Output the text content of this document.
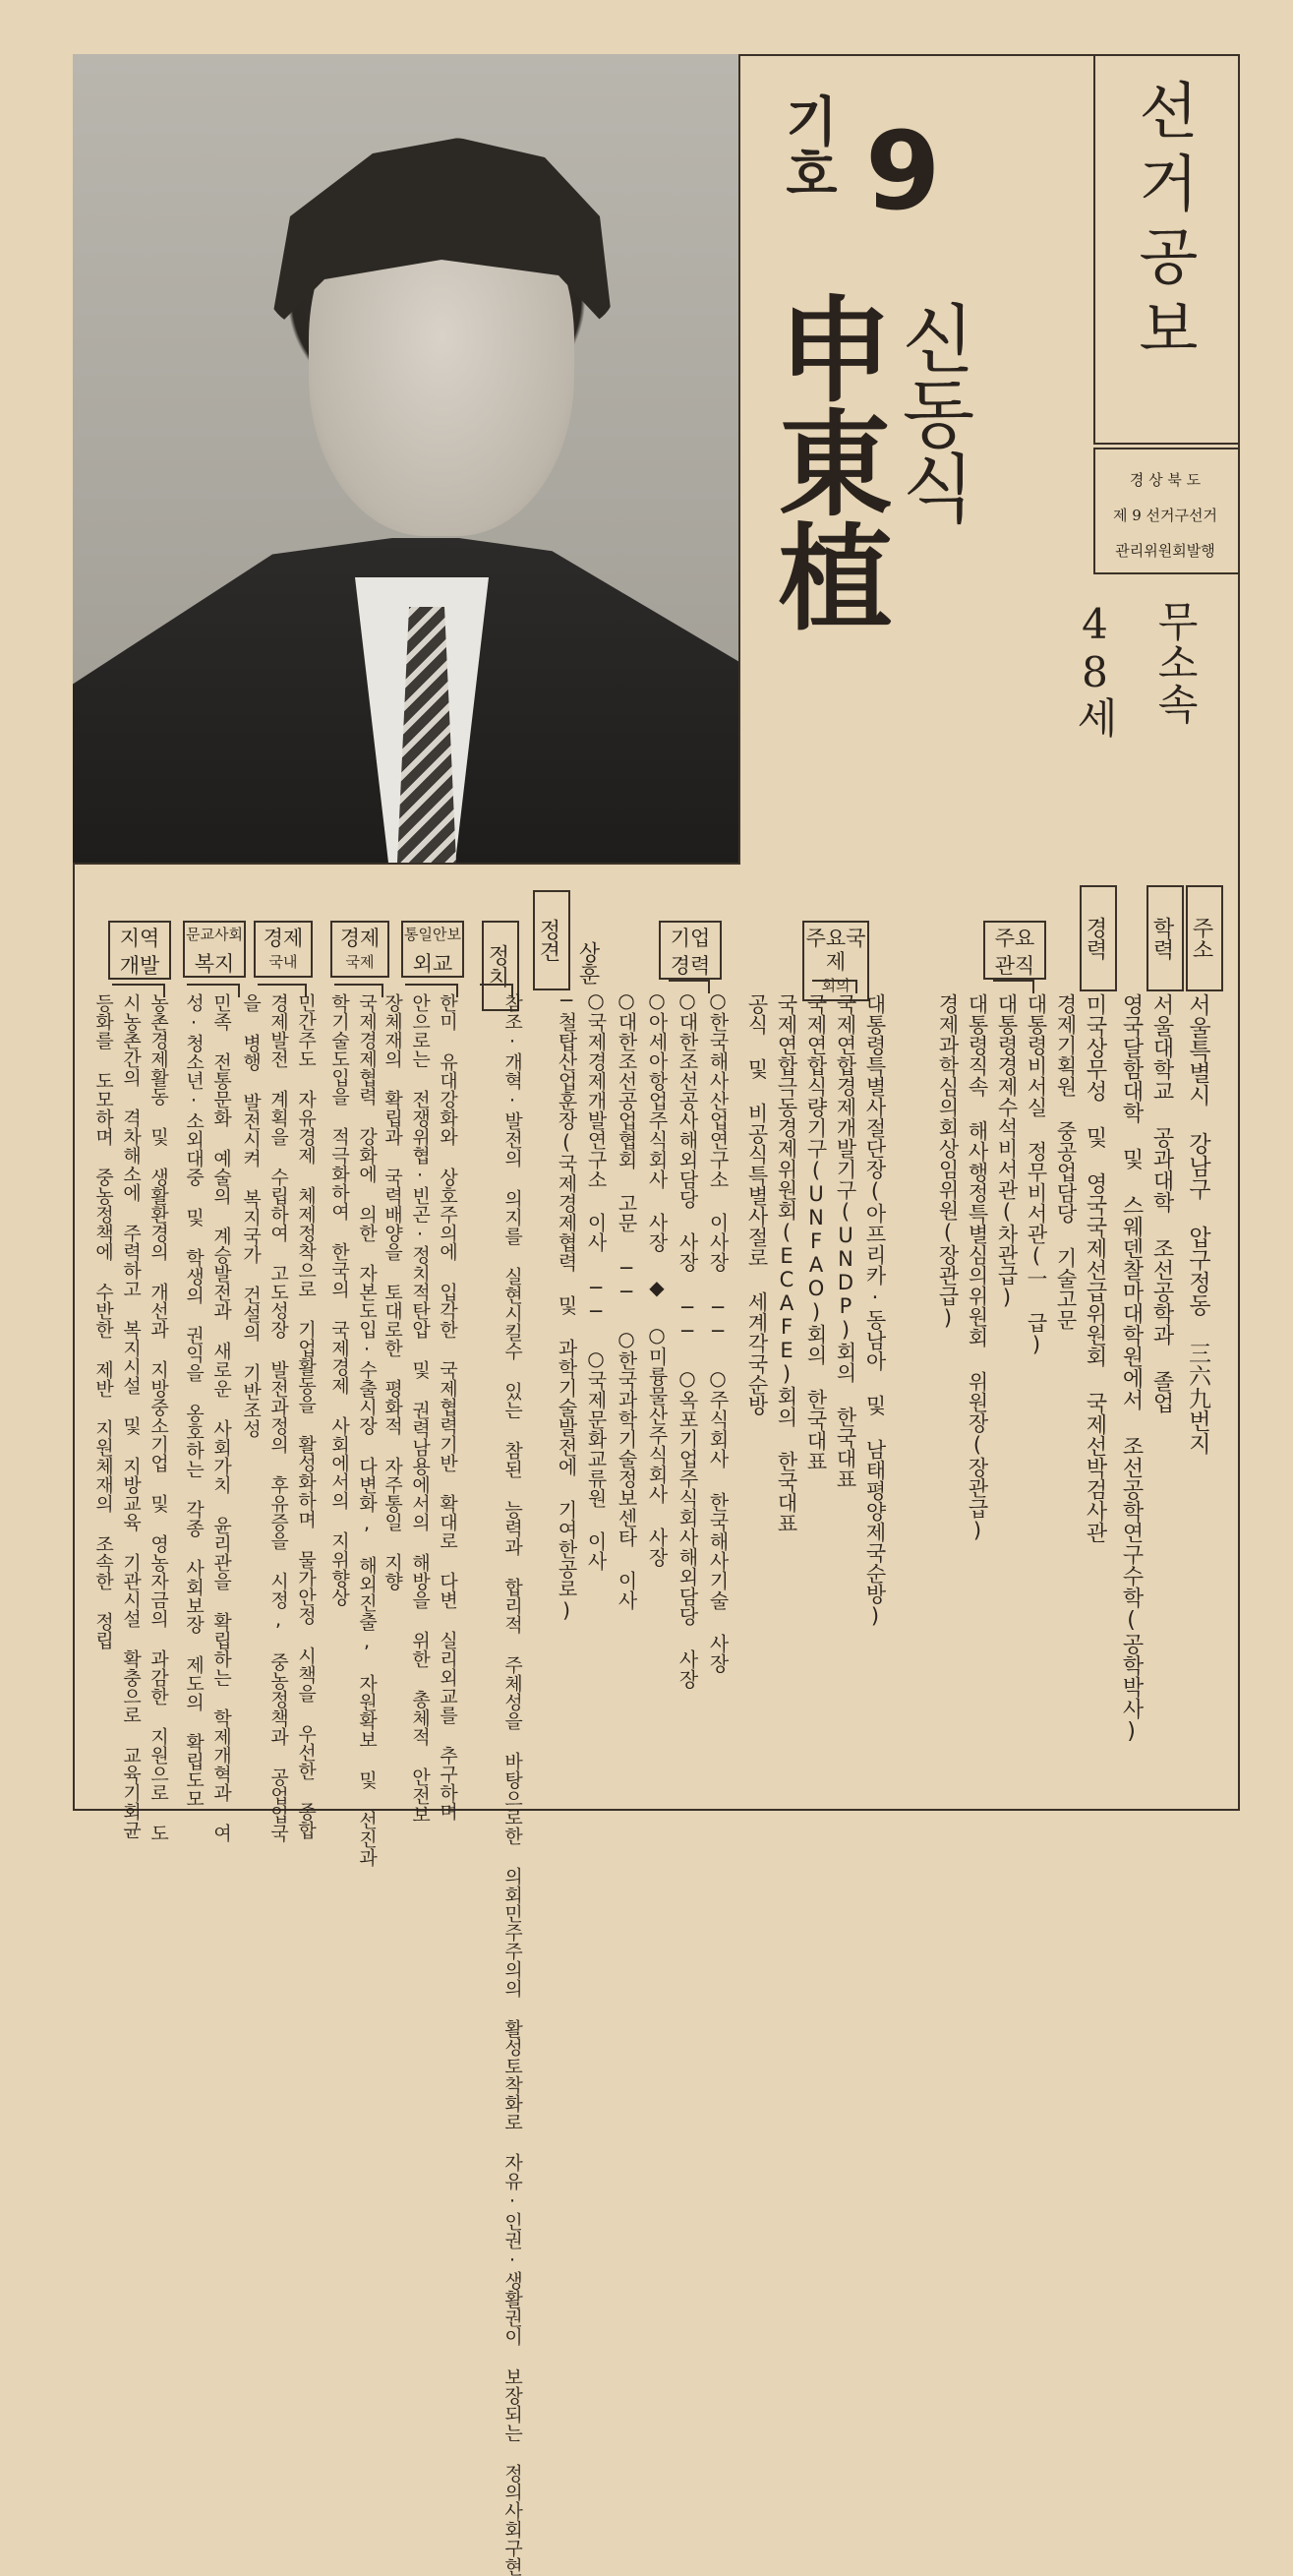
선거공보
경 상 북 도
제 9 선거구선거
관리위원회발행
기호 9
申東植
신동식
무소속
48세
주소
학력
경력
주요
관직
주요국제
회의
기업
경력
상훈
정견
정치
통일안보
외교
경제
국제
경제
국내
문교사회
복지
지역
개발
서울특별시 강남구 압구정동 三六九번지
서울대학교 공과대학 조선공학과 졸업
영국달함대학 및 스웨덴찰마대학원에서 조선공학연구수학(공학박사)
미국상무성 및 영국국제선급위원회 국제선박검사관
경제기획원 중공업담당 기술고문
대통령비서실 정무비서관(一 급)
대통령경제수석비서관(차관급)
대통령직속 해사행정특별심의위원회 위원장(장관급)
경제과학심의회상임위원(장관급)
대통령특별사절단장(아프리카·동남아 및 남태평양제국순방)
국제연합경제개발기구(UNDP)회의 한국대표
국제연합식량기구(UNFAO)회의 한국대표
국제연합극동경제위원회(ECAFE)회의 한국대표
공식 및 비공식특별사절로 세계각국순방
○한국해사산업연구소 이사장 ── ○주식회사 한국해사기술 사장
○대한조선공사해외담당 사장 ── ○옥포기업주식회사해외담당 사장
○아세아항업주식회사 사장 ◆ ○미륭물산주식회사 사장
○대한조선공업협회 고문 ── ○한국과학기술정보센타 이사
○국제경제개발연구소 이사 ── ○국제문화교류원 이사
─철탑산업훈장(국제경제협력 및 과학기술발전에 기여한공로)
참조·개혁·발전의 의지를 실현시킬수 있는 참된 능력과 합리적 주체성을 바탕으로한 의회민주주의의 활성토착화로 자유·인권·생활권이 보장되는 정의사회구현
한미 유대강화와 상호주의에 입각한 국제협력기반 확대로 다변 실리외교를 추구하며
안으로는 전쟁위협·빈곤·정치적탄압 및 권력남용에서의 해방을 위한 총체적 안전보
장체재의 확립과 국력배양을 토대로한 평화적 자주통일 지향
국제경제협력 강화에 의한 자본도입·수출시장 다변화, 해외진출, 자원확보 및 선진과
학기술도입을 적극화하여 한국의 국제경제 사회에서의 지위향상
민간주도 자유경제 체제정착으로 기업활동을 활성화하며 물가안정 시책을 우선한 종합
경제발전 계획을 수립하여 고도성장 발전과정의 후유증을 시정, 중농정책과 공업입국
을 병행 발전시켜 복지국가 건설의 기반조성
민족 전통문화 예술의 계승발전과 새로운 사회가치 윤리관을 확립하는 학제개혁과 여
성·청소년·소외대중 및 학생의 권익을 옹호하는 각종 사회보장 제도의 확립도모
농촌경제활동 및 생활환경의 개선과 지방중소기업 및 영농자금의 과감한 지원으로 도
시농촌간의 격차해소에 주력하고 복지시설 및 지방교육 기관시설 확충으로 교육기회균
등화를 도모하며 중농정책에 수반한 제반 지원체재의 조속한 정립
